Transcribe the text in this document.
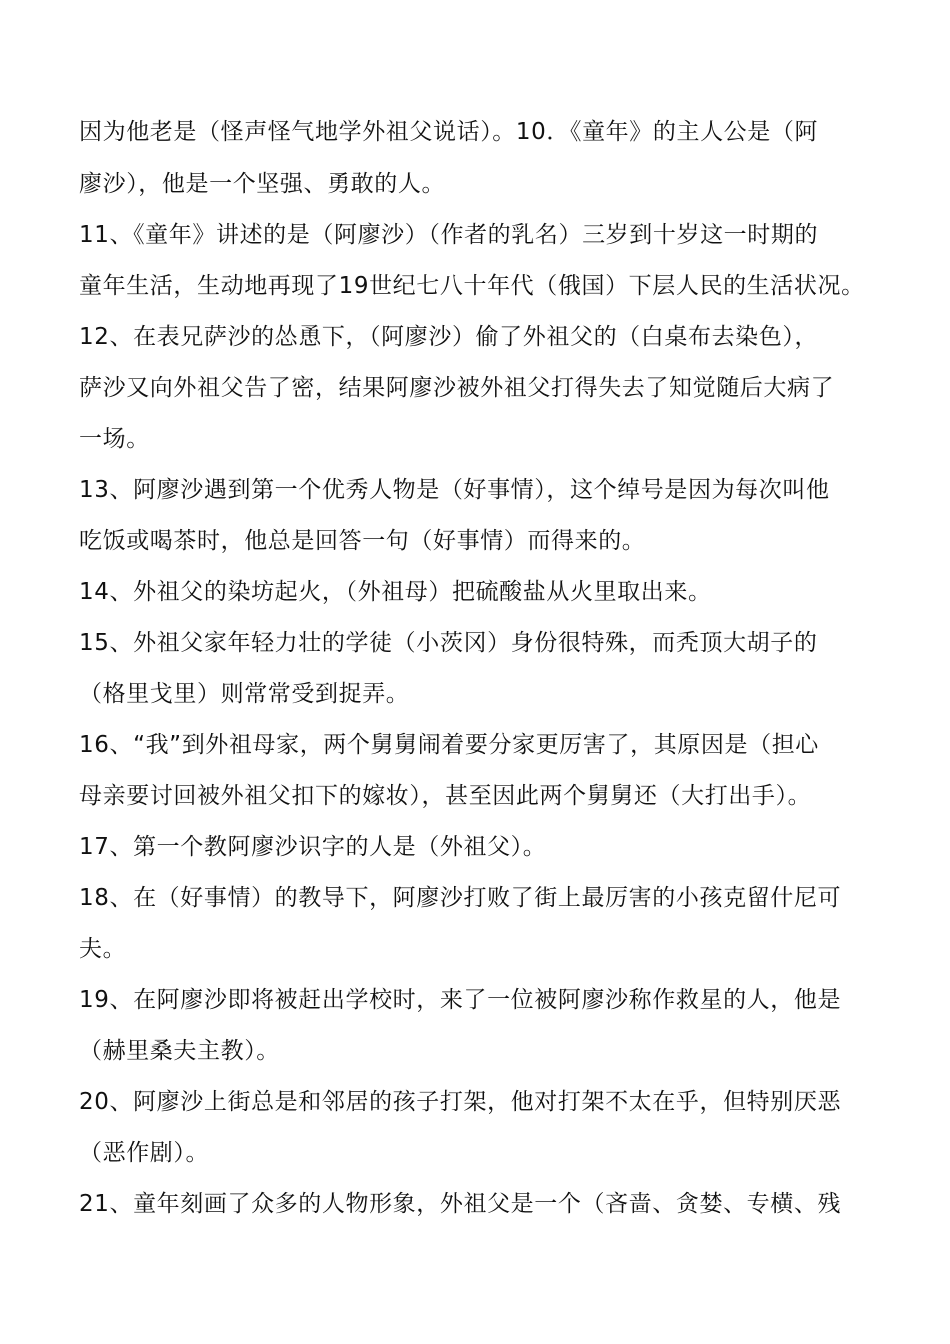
因为他老是（怪声怪气地学外祖父说话）。10．《童年》的主人公是（阿
廖沙），他是一个坚强、勇敢的人。
11、《童年》讲述的是（阿廖沙）（作者的乳名）三岁到十岁这一时期的
童年生活，生动地再现了19世纪七八十年代（俄国）下层人民的生活状况。
12、在表兄萨沙的怂恿下，（阿廖沙）偷了外祖父的（白桌布去染色），
萨沙又向外祖父告了密，结果阿廖沙被外祖父打得失去了知觉随后大病了
一场。
13、阿廖沙遇到第一个优秀人物是（好事情），这个绰号是因为每次叫他
吃饭或喝茶时，他总是回答一句（好事情）而得来的。
14、外祖父的染坊起火，（外祖母）把硫酸盐从火里取出来。
15、外祖父家年轻力壮的学徒（小茨冈）身份很特殊，而秃顶大胡子的
（格里戈里）则常常受到捉弄。
16、“我”到外祖母家，两个舅舅闹着要分家更厉害了，其原因是（担心
母亲要讨回被外祖父扣下的嫁妆），甚至因此两个舅舅还（大打出手）。
17、第一个教阿廖沙识字的人是（外祖父）。
18、在（好事情）的教导下，阿廖沙打败了街上最厉害的小孩克留什尼可
夫。
19、在阿廖沙即将被赶出学校时，来了一位被阿廖沙称作救星的人，他是
（赫里桑夫主教）。
20、阿廖沙上街总是和邻居的孩子打架，他对打架不太在乎，但特别厌恶
（恶作剧）。
21、童年刻画了众多的人物形象，外祖父是一个（吝啬、贪婪、专横、残
